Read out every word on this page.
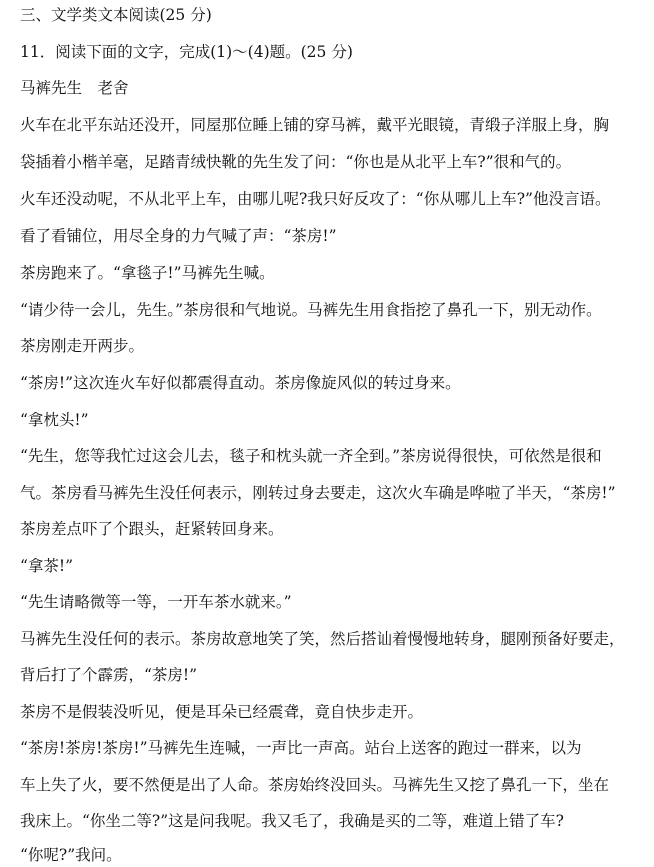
三、文学类文本阅读(25 分)
11．阅读下面的文字，完成(1)～(4)题。(25 分)
马裤先生　老舍
火车在北平东站还没开，同屋那位睡上铺的穿马裤，戴平光眼镜，青缎子洋服上身，胸
袋插着小楷羊毫，足踏青绒快靴的先生发了问：“你也是从北平上车?”很和气的。
火车还没动呢，不从北平上车，由哪儿呢?我只好反攻了：“你从哪儿上车?”他没言语。
看了看铺位，用尽全身的力气喊了声：“茶房!”
茶房跑来了。“拿毯子!”马裤先生喊。
“请少待一会儿，先生。”茶房很和气地说。马裤先生用食指挖了鼻孔一下，别无动作。
茶房刚走开两步。
“茶房!”这次连火车好似都震得直动。茶房像旋风似的转过身来。
“拿枕头!”
“先生，您等我忙过这会儿去，毯子和枕头就一齐全到。”茶房说得很快，可依然是很和
气。茶房看马裤先生没任何表示，刚转过身去要走，这次火车确是哗啦了半天，“茶房!”
茶房差点吓了个跟头，赶紧转回身来。
“拿茶!”
“先生请略微等一等，一开车茶水就来。”
马裤先生没任何的表示。茶房故意地笑了笑，然后搭讪着慢慢地转身，腿刚预备好要走，
背后打了个霹雳，“茶房!”
茶房不是假装没听见，便是耳朵已经震聋，竟自快步走开。
“茶房!茶房!茶房!”马裤先生连喊，一声比一声高。站台上送客的跑过一群来，以为
车上失了火，要不然便是出了人命。茶房始终没回头。马裤先生又挖了鼻孔一下，坐在
我床上。“你坐二等?”这是问我呢。我又毛了，我确是买的二等，难道上错了车?
“你呢?”我问。
